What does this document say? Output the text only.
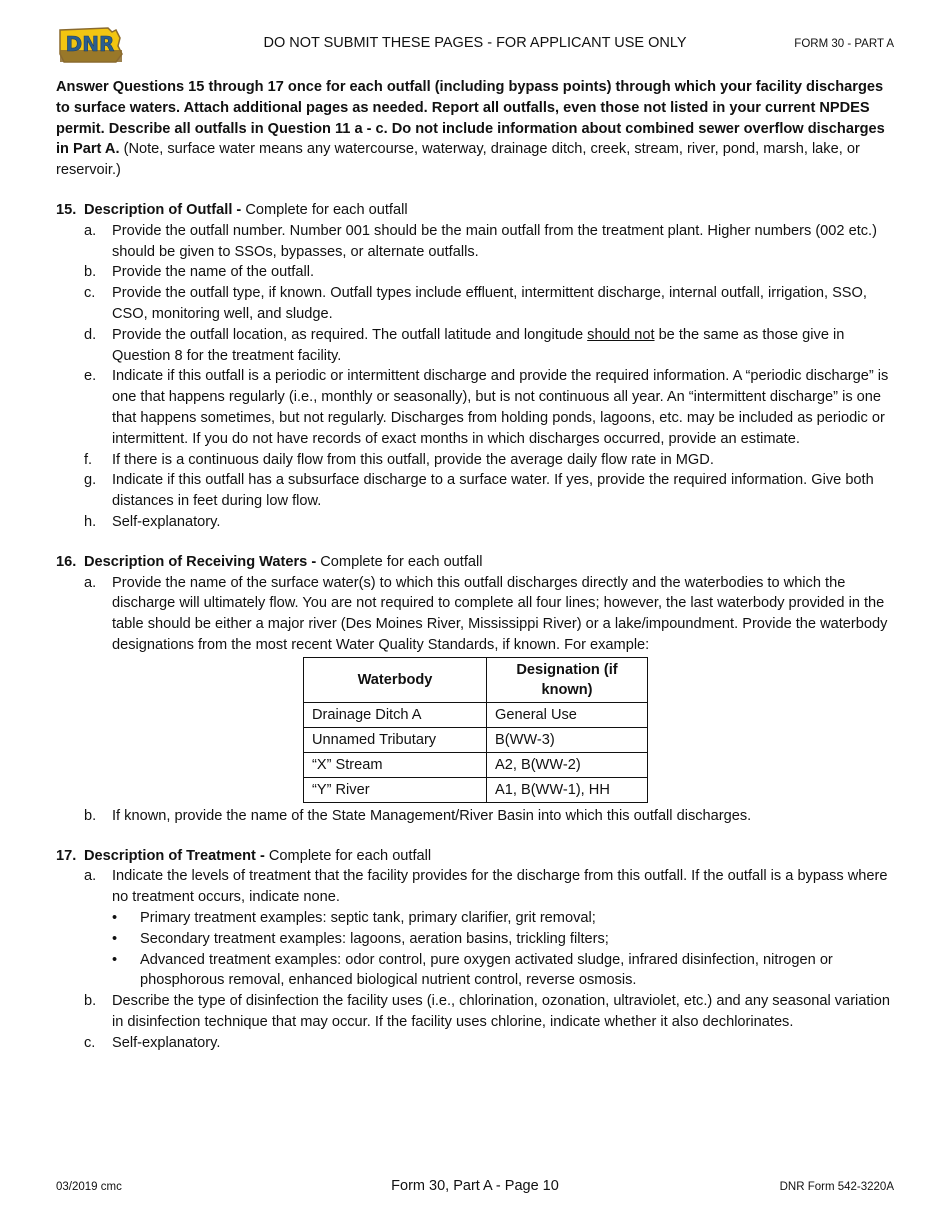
DNR	DO NOT SUBMIT THESE PAGES - FOR APPLICANT USE ONLY	FORM 30 - PART A

Answer Questions 15 through 17 once for each outfall (including bypass points) through which your facility discharges to surface waters. Attach additional pages as needed. Report all outfalls, even those not listed in your current NPDES permit. Describe all outfalls in Question 11 a - c. Do not include information about combined sewer overflow discharges in Part A. (Note, surface water means any watercourse, waterway, drainage ditch, creek, stream, river, pond, marsh, lake, or reservoir.)

15. Description of Outfall - Complete for each outfall
a.	Provide the outfall number. Number 001 should be the main outfall from the treatment plant. Higher numbers (002 etc.) should be given to SSOs, bypasses, or alternate outfalls.
b.	Provide the name of the outfall.
c.	Provide the outfall type, if known. Outfall types include effluent, intermittent discharge, internal outfall, irrigation, SSO, CSO, monitoring well, and sludge.
d.	Provide the outfall location, as required. The outfall latitude and longitude should not be the same as those give in Question 8 for the treatment facility.
e.	Indicate if this outfall is a periodic or intermittent discharge and provide the required information. A “periodic discharge” is one that happens regularly (i.e., monthly or seasonally), but is not continuous all year. An “intermittent discharge” is one that happens sometimes, but not regularly. Discharges from holding ponds, lagoons, etc. may be included as periodic or intermittent. If you do not have records of exact months in which discharges occurred, provide an estimate.
f.	If there is a continuous daily flow from this outfall, provide the average daily flow rate in MGD.
g.	Indicate if this outfall has a subsurface discharge to a surface water. If yes, provide the required information. Give both distances in feet during low flow.
h.	Self-explanatory.
16. Description of Receiving Waters - Complete for each outfall
a.	Provide the name of the surface water(s) to which this outfall discharges directly and the waterbodies to which the discharge will ultimately flow. You are not required to complete all four lines; however, the last waterbody provided in the table should be either a major river (Des Moines River, Mississippi River) or a lake/impoundment. Provide the waterbody designations from the most recent Water Quality Standards, if known. For example:
Waterbody	Designation (if known)
Drainage Ditch A	General Use
Unnamed Tributary	B(WW-3)
“X” Stream	A2, B(WW-2)
“Y” River	A1, B(WW-1), HH
b.	If known, provide the name of the State Management/River Basin into which this outfall discharges.
17. Description of Treatment - Complete for each outfall
a.	Indicate the levels of treatment that the facility provides for the discharge from this outfall. If the outfall is a bypass where no treatment occurs, indicate none.
•	Primary treatment examples: septic tank, primary clarifier, grit removal;
•	Secondary treatment examples: lagoons, aeration basins, trickling filters;
•	Advanced treatment examples: odor control, pure oxygen activated sludge, infrared disinfection, nitrogen or phosphorous removal, enhanced biological nutrient control, reverse osmosis.
b.	Describe the type of disinfection the facility uses (i.e., chlorination, ozonation, ultraviolet, etc.) and any seasonal variation in disinfection technique that may occur. If the facility uses chlorine, indicate whether it also dechlorinates.
c.	Self-explanatory.
03/2019 cmc	Form 30, Part A - Page 10	DNR Form 542-3220A
